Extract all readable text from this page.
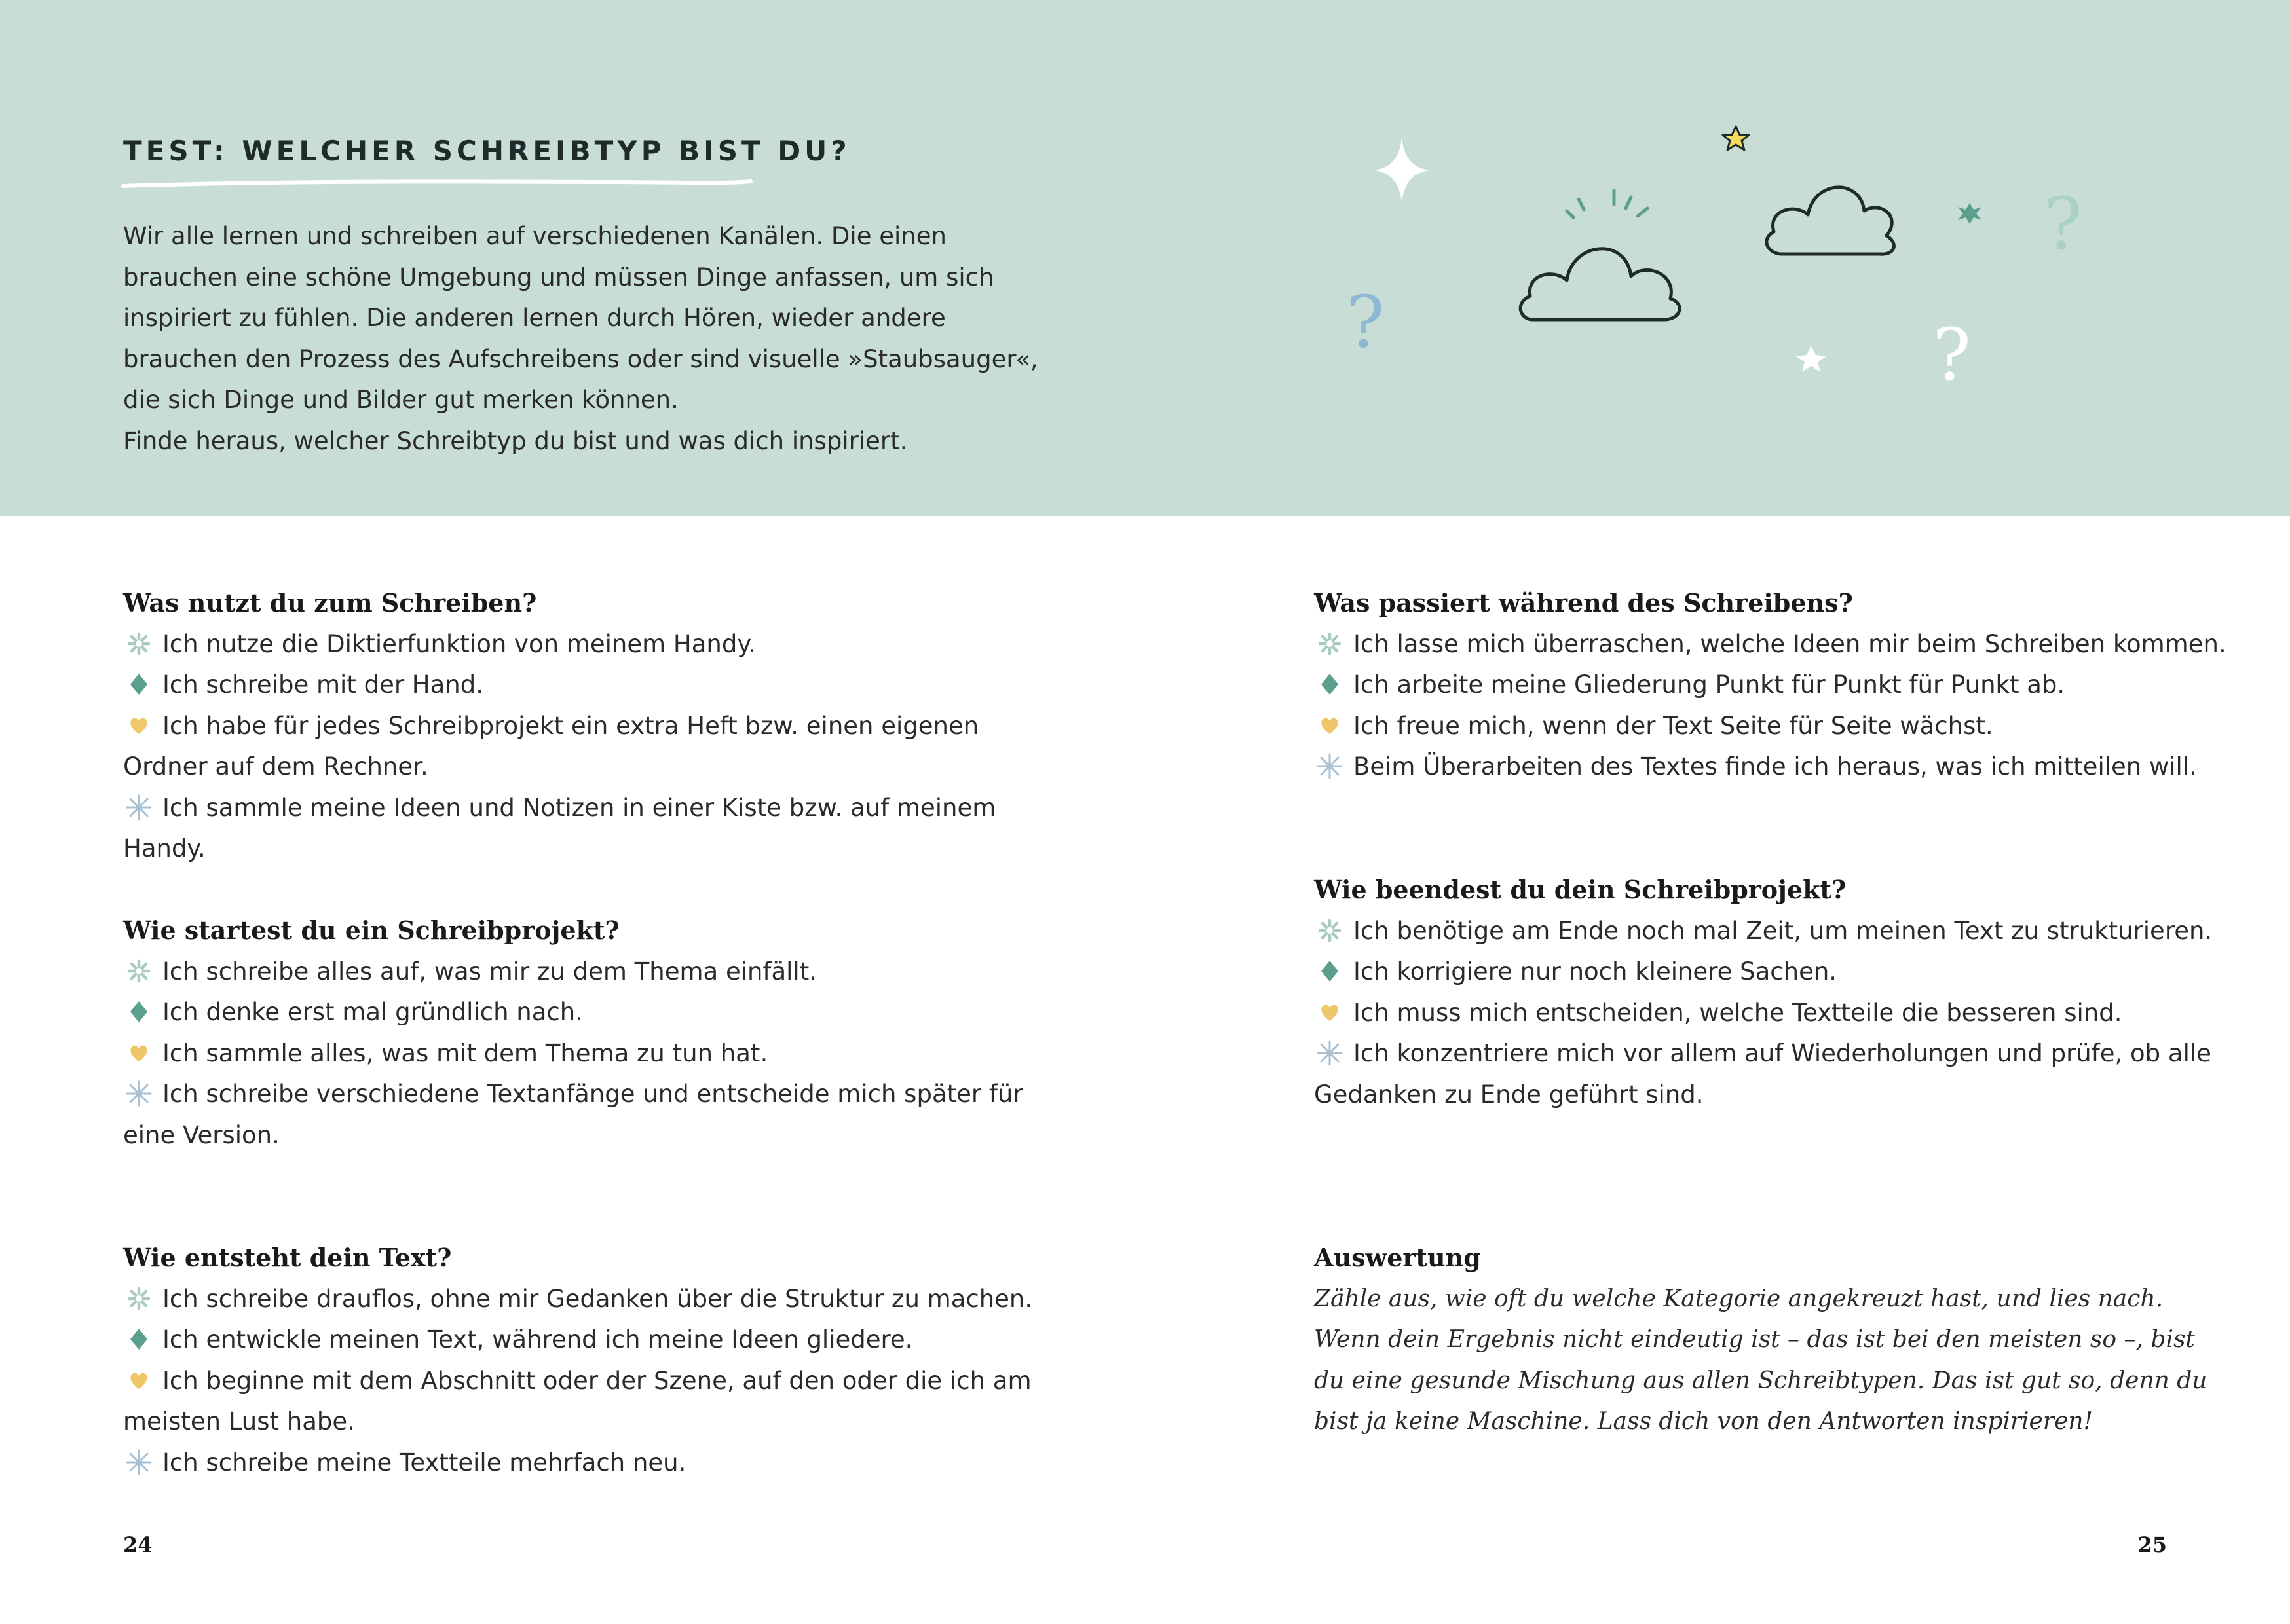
TEST: WELCHER SCHREIBTYP BIST DU?

Wir alle lernen und schreiben auf verschiedenen Kanälen. Die einen brauchen eine schöne Umgebung und müssen Dinge anfassen, um sich inspiriert zu fühlen. Die anderen lernen durch Hören, wieder andere brauchen den Prozess des Aufschreibens oder sind visuelle »Staubsauger«, die sich Dinge und Bilder gut merken können.

Finde heraus, welcher Schreibtyp du bist und was dich inspiriert.

?
?
?
Was nutzt du zum Schreiben?
Ich nutze die Diktierfunktion von meinem Handy.
Ich schreibe mit der Hand.
Ich habe für jedes Schreibprojekt ein extra Heft bzw. einen eigenen Ordner auf dem Rechner.
Ich sammle meine Ideen und Notizen in einer Kiste bzw. auf meinem Handy.
Wie startest du ein Schreibprojekt?
Ich schreibe alles auf, was mir zu dem Thema einfällt.
Ich denke erst mal gründlich nach.
Ich sammle alles, was mit dem Thema zu tun hat.
Ich schreibe verschiedene Textanfänge und entscheide mich später für eine Version.
Wie entsteht dein Text?
Ich schreibe drauflos, ohne mir Gedanken über die Struktur zu machen.
Ich entwickle meinen Text, während ich meine Ideen gliedere.
Ich beginne mit dem Abschnitt oder der Szene, auf den oder die ich am meisten Lust habe.
Ich schreibe meine Textteile mehrfach neu.
Was passiert während des Schreibens?
Ich lasse mich überraschen, welche Ideen mir beim Schreiben kommen.
Ich arbeite meine Gliederung Punkt für Punkt für Punkt ab.
Ich freue mich, wenn der Text Seite für Seite wächst.
Beim Überarbeiten des Textes finde ich heraus, was ich mitteilen will.
Wie beendest du dein Schreibprojekt?
Ich benötige am Ende noch mal Zeit, um meinen Text zu strukturieren.
Ich korrigiere nur noch kleinere Sachen.
Ich muss mich entscheiden, welche Textteile die besseren sind.
Ich konzentriere mich vor allem auf Wiederholungen und prüfe, ob alle Gedanken zu Ende geführt sind.
Auswertung

Zähle aus, wie oft du welche Kategorie angekreuzt hast, und lies nach. Wenn dein Ergebnis nicht eindeutig ist – das ist bei den meisten so –, bist du eine gesunde Mischung aus allen Schreibtypen. Das ist gut so, denn du bist ja keine Maschine. Lass dich von den Antworten inspirieren!

24	25
